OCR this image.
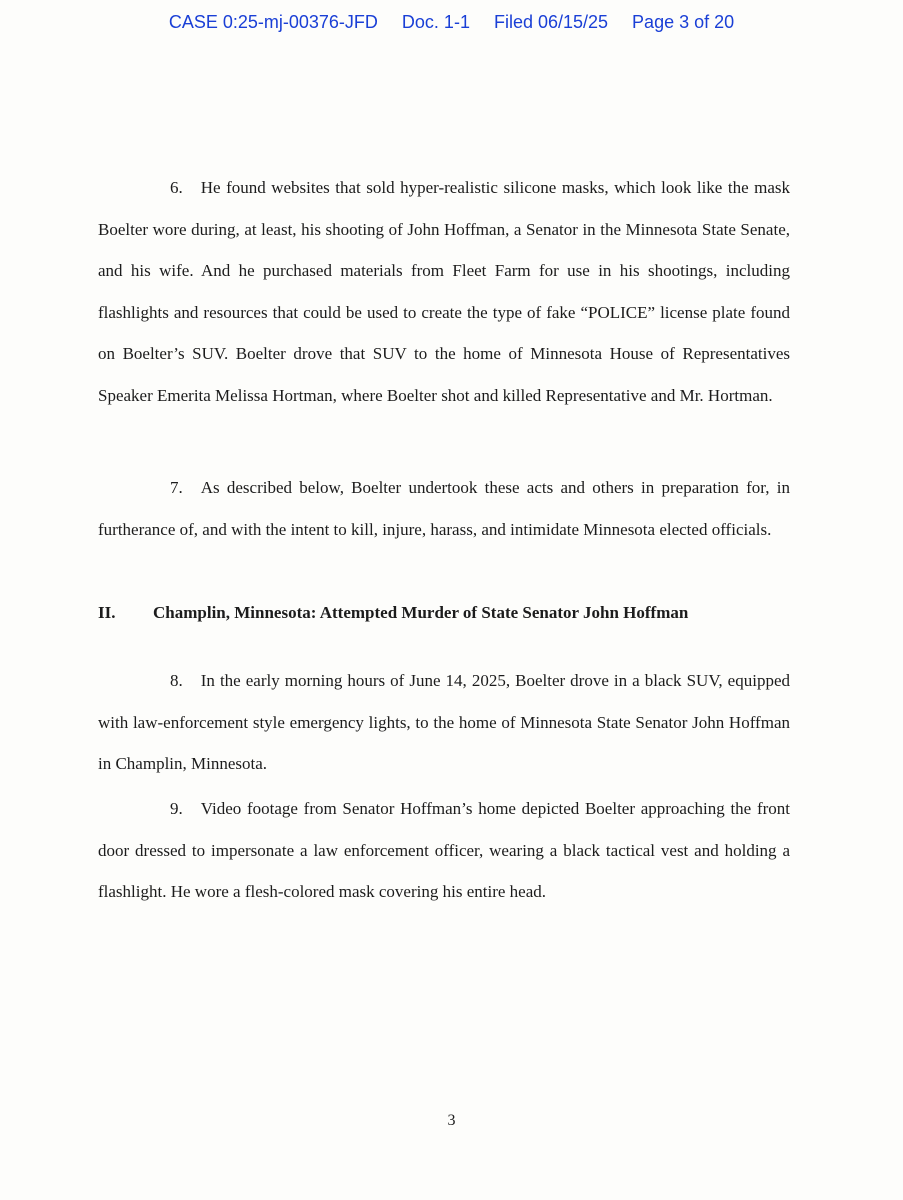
CASE 0:25-mj-00376-JFD Doc. 1-1 Filed 06/15/25 Page 3 of 20

6. He found websites that sold hyper-realistic silicone masks, which look like the mask Boelter wore during, at least, his shooting of John Hoffman, a Senator in the Minnesota State Senate, and his wife. And he purchased materials from Fleet Farm for use in his shootings, including flashlights and resources that could be used to create the type of fake “POLICE” license plate found on Boelter’s SUV. Boelter drove that SUV to the home of Minnesota House of Representatives Speaker Emerita Melissa Hortman, where Boelter shot and killed Representative and Mr. Hortman.

7. As described below, Boelter undertook these acts and others in preparation for, in furtherance of, and with the intent to kill, injure, harass, and intimidate Minnesota elected officials.

II.	Champlin, Minnesota: Attempted Murder of State Senator John Hoffman

8. In the early morning hours of June 14, 2025, Boelter drove in a black SUV, equipped with law-enforcement style emergency lights, to the home of Minnesota State Senator John Hoffman in Champlin, Minnesota.

9. Video footage from Senator Hoffman’s home depicted Boelter approaching the front door dressed to impersonate a law enforcement officer, wearing a black tactical vest and holding a flashlight. He wore a flesh-colored mask covering his entire head.

3
